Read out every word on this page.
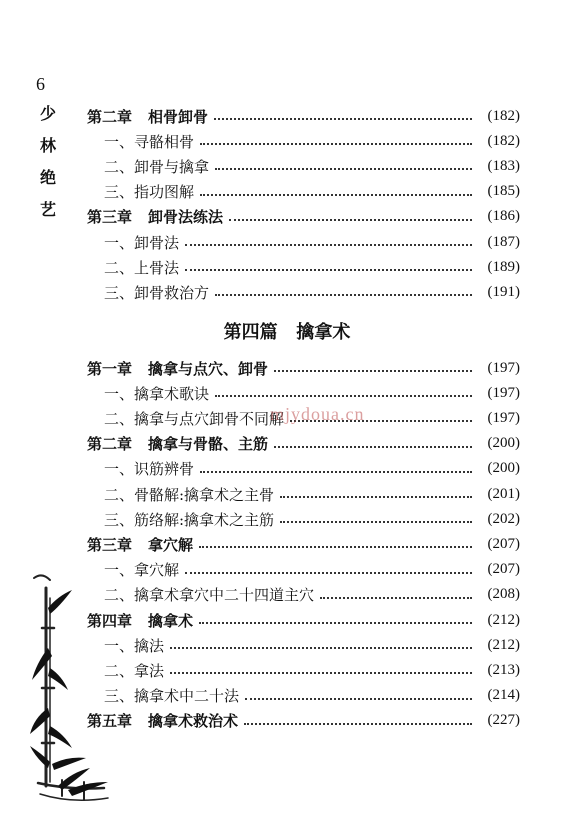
6
少
林
绝
艺
第四篇 擒拿术
第二章 相骨卸骨	(182)
一、寻骼相骨	(182)
二、卸骨与擒拿	(183)
三、指功图解	(185)
第三章 卸骨法练法	(186)
一、卸骨法	(187)
二、上骨法	(189)
三、卸骨救治方	(191)
第一章 擒拿与点穴、卸骨	(197)
一、擒拿术歌诀	(197)
二、擒拿与点穴卸骨不同解	(197)
第二章 擒拿与骨骼、主筋	(200)
一、识筋辨骨	(200)
二、骨骼解:擒拿术之主骨	(201)
三、筋络解:擒拿术之主筋	(202)
第三章 拿穴解	(207)
一、拿穴解	(207)
二、擒拿术拿穴中二十四道主穴	(208)
第四章 擒拿术	(212)
一、擒法	(212)
二、拿法	(213)
三、擒拿术中二十法	(214)
第五章 擒拿术救治术	(227)
mjydoua.cn
